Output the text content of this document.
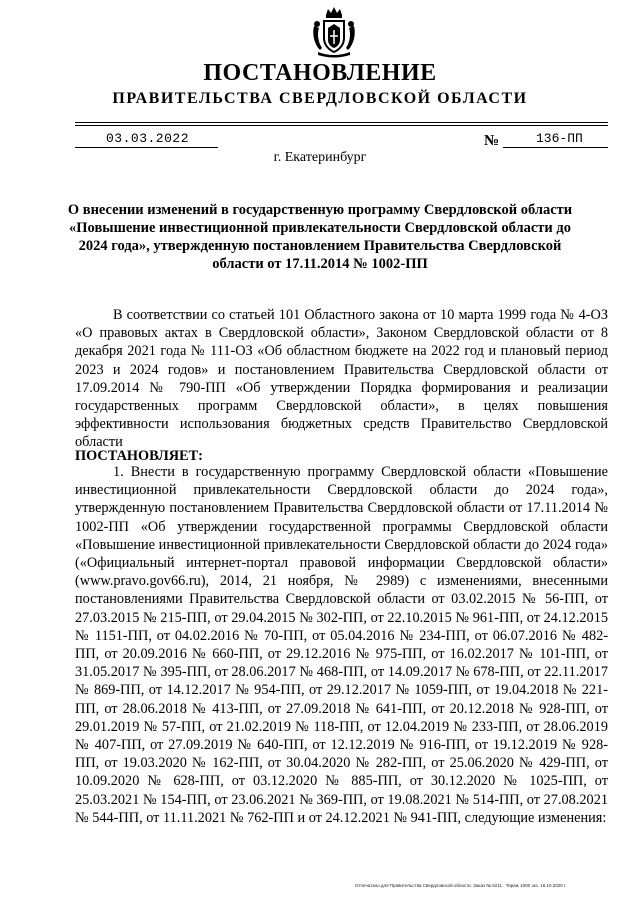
ПОСТАНОВЛЕНИЕ
ПРАВИТЕЛЬСТВА СВЕРДЛОВСКОЙ ОБЛАСТИ
03.03.2022	№	136-ПП
г. Екатеринбург
О внесении изменений в государственную программу Свердловской области «Повышение инвестиционной привлекательности Свердловской области до 2024 года», утвержденную постановлением Правительства Свердловской области от 17.11.2014 № 1002-ПП
В соответствии со статьей 101 Областного закона от 10 марта 1999 года № 4-ОЗ «О правовых актах в Свердловской области», Законом Свердловской области от 8 декабря 2021 года № 111-ОЗ «Об областном бюджете на 2022 год и плановый период 2023 и 2024 годов» и постановлением Правительства Свердловской области от 17.09.2014 № 790-ПП «Об утверждении Порядка формирования и реализации государственных программ Свердловской области», в целях повышения эффективности использования бюджетных средств Правительство Свердловской области
ПОСТАНОВЛЯЕТ:
1. Внести в государственную программу Свердловской области «Повышение инвестиционной привлекательности Свердловской области до 2024 года», утвержденную постановлением Правительства Свердловской области от 17.11.2014 № 1002-ПП «Об утверждении государственной программы Свердловской области «Повышение инвестиционной привлекательности Свердловской области до 2024 года» («Официальный интернет-портал правовой информации Свердловской области» (www.pravo.gov66.ru), 2014, 21 ноября, № 2989) с изменениями, внесенными постановлениями Правительства Свердловской области от 03.02.2015 № 56-ПП, от 27.03.2015 № 215-ПП, от 29.04.2015 № 302-ПП, от 22.10.2015 № 961-ПП, от 24.12.2015 № 1151-ПП, от 04.02.2016 № 70-ПП, от 05.04.2016 № 234-ПП, от 06.07.2016 № 482-ПП, от 20.09.2016 № 660-ПП, от 29.12.2016 № 975-ПП, от 16.02.2017 № 101-ПП, от 31.05.2017 № 395-ПП, от 28.06.2017 № 468-ПП, от 14.09.2017 № 678-ПП, от 22.11.2017 № 869-ПП, от 14.12.2017 № 954-ПП, от 29.12.2017 № 1059-ПП, от 19.04.2018 № 221-ПП, от 28.06.2018 № 413-ПП, от 27.09.2018 № 641-ПП, от 20.12.2018 № 928-ПП, от 29.01.2019 № 57-ПП, от 21.02.2019 № 118-ПП, от 12.04.2019 № 233-ПП, от 28.06.2019 № 407-ПП, от 27.09.2019 № 640-ПП, от 12.12.2019 № 916-ПП, от 19.12.2019 № 928-ПП, от 19.03.2020 № 162-ПП, от 30.04.2020 № 282-ПП, от 25.06.2020 № 429-ПП, от 10.09.2020 № 628-ПП, от 03.12.2020 № 885-ПП, от 30.12.2020 № 1025-ПП, от 25.03.2021 № 154-ПП, от 23.06.2021 № 369-ПП, от 19.08.2021 № 514-ПП, от 27.08.2021 № 544-ПП, от 11.11.2021 № 762-ПП и от 24.12.2021 № 941-ПП, следующие изменения:
Отпечатано для Правительства Свердловской области. Заказ № 6211 . Тираж 1000 экз. 16.10.2020 г.
